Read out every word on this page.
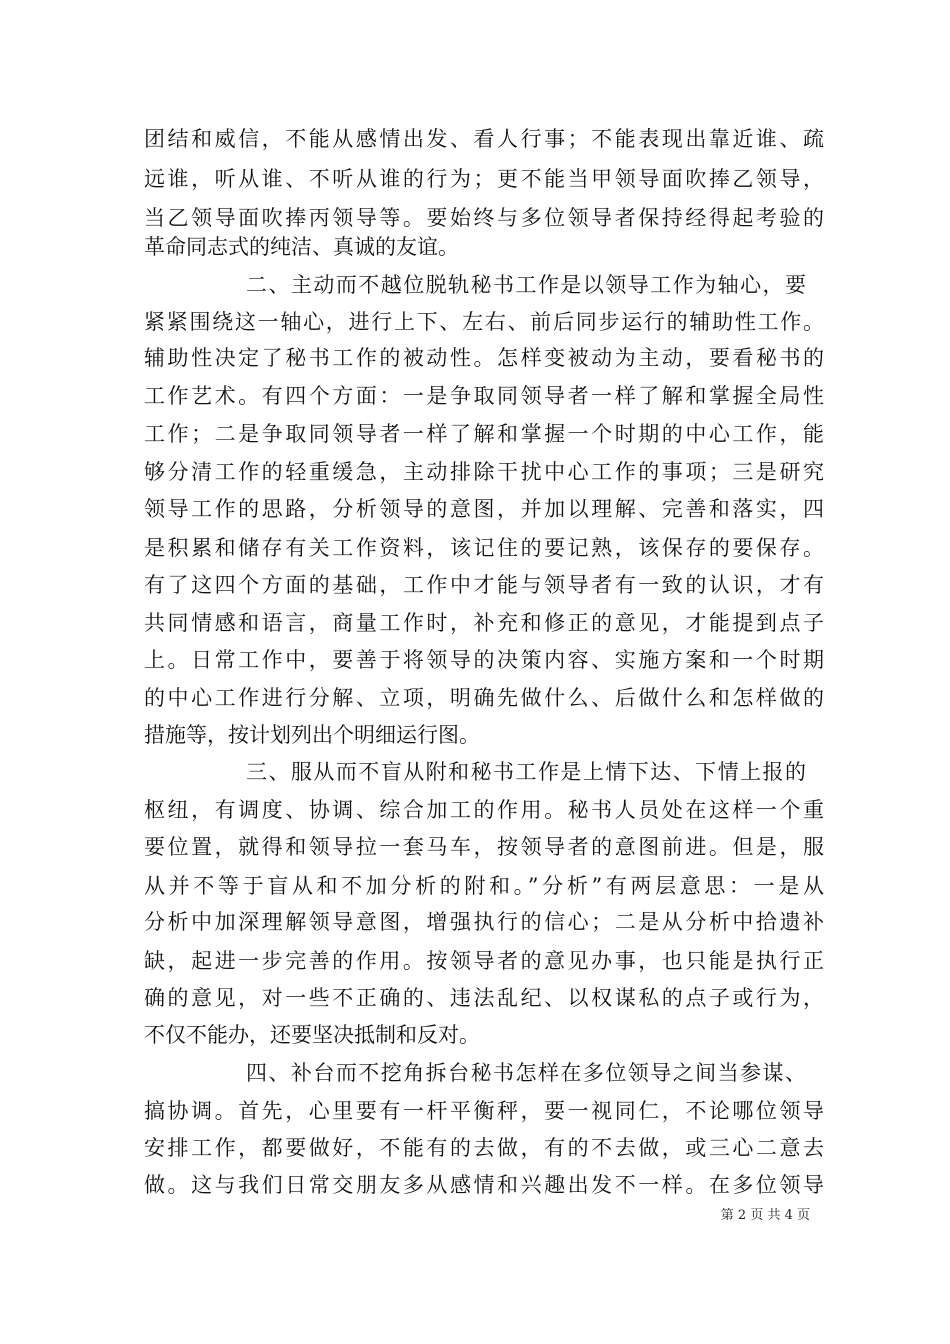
团结和威信，不能从感情出发、看人行事；不能表现出靠近谁、疏
远谁，听从谁、不听从谁的行为；更不能当甲领导面吹捧乙领导，
当乙领导面吹捧丙领导等。要始终与多位领导者保持经得起考验的
革命同志式的纯洁、真诚的友谊。
二、主动而不越位脱轨秘书工作是以领导工作为轴心，要
紧紧围绕这一轴心，进行上下、左右、前后同步运行的辅助性工作。
辅助性决定了秘书工作的被动性。怎样变被动为主动，要看秘书的
工作艺术。有四个方面：一是争取同领导者一样了解和掌握全局性
工作；二是争取同领导者一样了解和掌握一个时期的中心工作，能
够分清工作的轻重缓急，主动排除干扰中心工作的事项；三是研究
领导工作的思路，分析领导的意图，并加以理解、完善和落实，四
是积累和储存有关工作资料，该记住的要记熟，该保存的要保存。
有了这四个方面的基础，工作中才能与领导者有一致的认识，才有
共同情感和语言，商量工作时，补充和修正的意见，才能提到点子
上。日常工作中，要善于将领导的决策内容、实施方案和一个时期
的中心工作进行分解、立项，明确先做什么、后做什么和怎样做的
措施等，按计划列出个明细运行图。
三、服从而不盲从附和秘书工作是上情下达、下情上报的
枢纽，有调度、协调、综合加工的作用。秘书人员处在这样一个重
要位置，就得和领导拉一套马车，按领导者的意图前进。但是，服
从并不等于盲从和不加分析的附和。”分析”有两层意思：一是从
分析中加深理解领导意图，增强执行的信心；二是从分析中拾遗补
缺，起进一步完善的作用。按领导者的意见办事，也只能是执行正
确的意见，对一些不正确的、违法乱纪、以权谋私的点子或行为，
不仅不能办，还要坚决抵制和反对。
四、补台而不挖角拆台秘书怎样在多位领导之间当参谋、
搞协调。首先，心里要有一杆平衡秤，要一视同仁，不论哪位领导
安排工作，都要做好，不能有的去做，有的不去做，或三心二意去
做。这与我们日常交朋友多从感情和兴趣出发不一样。在多位领导
第 2 页 共 4 页
